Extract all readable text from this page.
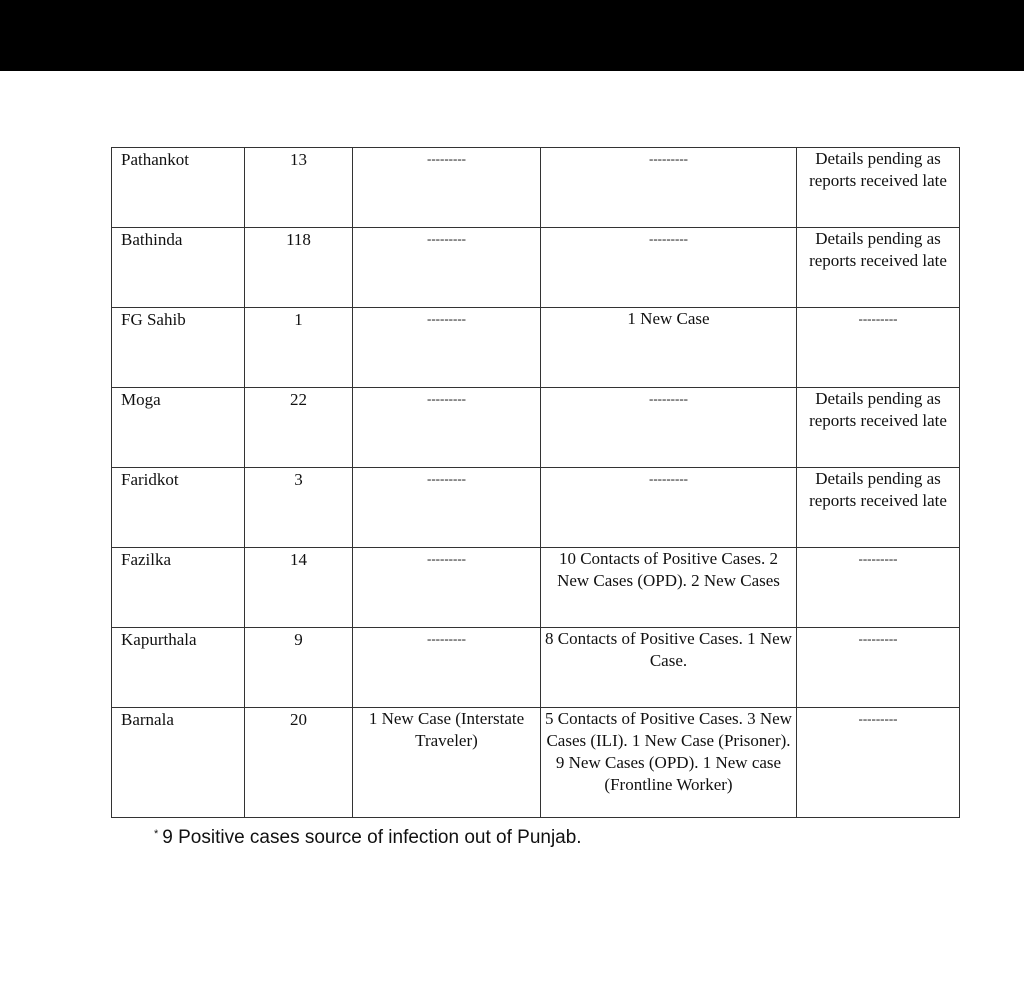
Pathankot	13	---------	---------	Details pending as reports received late
Bathinda	118	---------	---------	Details pending as reports received late
FG Sahib	1	---------	1 New Case	---------
Moga	22	---------	---------	Details pending as reports received late
Faridkot	3	---------	---------	Details pending as reports received late
Fazilka	14	---------	10 Contacts of Positive Cases. 2 New Cases (OPD). 2 New Cases	---------
Kapurthala	9	---------	8 Contacts of Positive Cases. 1 New Case.	---------
Barnala	20	1 New Case (Interstate Traveler)	5 Contacts of Positive Cases. 3 New Cases (ILI). 1 New Case (Prisoner). 9 New Cases (OPD). 1 New case (Frontline Worker)	---------
* 9 Positive cases source of infection out of Punjab.
